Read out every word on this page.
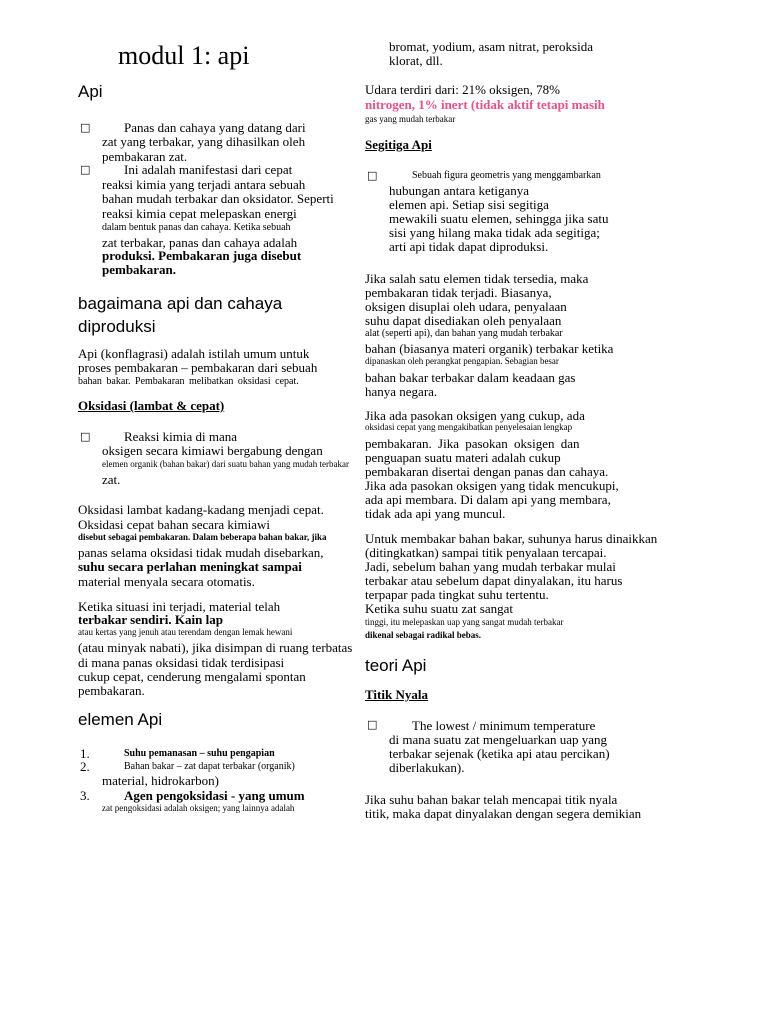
modul 1: api
Api
□	Panas dan cahaya yang datang dari
zat yang terbakar, yang dihasilkan oleh
pembakaran zat.
□	Ini adalah manifestasi dari cepat
reaksi kimia yang terjadi antara sebuah
bahan mudah terbakar dan oksidator. Seperti
reaksi kimia cepat melepaskan energi
dalam bentuk panas dan cahaya. Ketika sebuah
zat terbakar, panas dan cahaya adalah
produksi. Pembakaran juga disebut
pembakaran.
bagaimana api dan cahaya
diproduksi
Api (konflagrasi) adalah istilah umum untuk
proses pembakaran – pembakaran dari sebuah
bahan bakar. Pembakaran melibatkan oksidasi cepat.
Oksidasi (lambat & cepat)
□	Reaksi kimia di mana
oksigen secara kimiawi bergabung dengan
elemen organik (bahan bakar) dari suatu bahan yang mudah terbakar
zat.
Oksidasi lambat kadang-kadang menjadi cepat.
Oksidasi cepat bahan secara kimiawi
disebut sebagai pembakaran. Dalam beberapa bahan bakar, jika
panas selama oksidasi tidak mudah disebarkan,
suhu secara perlahan meningkat sampai
material menyala secara otomatis.
Ketika situasi ini terjadi, material telah
terbakar sendiri. Kain lap
atau kertas yang jenuh atau terendam dengan lemak hewani
(atau minyak nabati), jika disimpan di ruang terbatas
di mana panas oksidasi tidak terdisipasi
cukup cepat, cenderung mengalami spontan
pembakaran.
elemen Api
1.	Suhu pemanasan – suhu pengapian
2.	Bahan bakar – zat dapat terbakar (organik)
material, hidrokarbon)
3.	Agen pengoksidasi - yang umum
zat pengoksidasi adalah oksigen; yang lainnya adalah
bromat, yodium, asam nitrat, peroksida
klorat, dll.
Udara terdiri dari: 21% oksigen, 78%
nitrogen, 1% inert (tidak aktif tetapi masih
gas yang mudah terbakar
Segitiga Api
□	Sebuah figura geometris yang menggambarkan
hubungan antara ketiganya
elemen api. Setiap sisi segitiga
mewakili suatu elemen, sehingga jika satu
sisi yang hilang maka tidak ada segitiga;
arti api tidak dapat diproduksi.
Jika salah satu elemen tidak tersedia, maka
pembakaran tidak terjadi. Biasanya,
oksigen disuplai oleh udara, penyalaan
suhu dapat disediakan oleh penyalaan
alat (seperti api), dan bahan yang mudah terbakar
bahan (biasanya materi organik) terbakar ketika
dipanaskan oleh perangkat pengapian. Sebagian besar
bahan bakar terbakar dalam keadaan gas
hanya negara.
Jika ada pasokan oksigen yang cukup, ada
oksidasi cepat yang mengakibatkan penyelesaian lengkap
pembakaran. Jika pasokan oksigen dan
penguapan suatu materi adalah cukup
pembakaran disertai dengan panas dan cahaya.
Jika ada pasokan oksigen yang tidak mencukupi,
ada api membara. Di dalam api yang membara,
tidak ada api yang muncul.
Untuk membakar bahan bakar, suhunya harus dinaikkan
(ditingkatkan) sampai titik penyalaan tercapai.
Jadi, sebelum bahan yang mudah terbakar mulai
terbakar atau sebelum dapat dinyalakan, itu harus
terpapar pada tingkat suhu tertentu.
Ketika suhu suatu zat sangat
tinggi, itu melepaskan uap yang sangat mudah terbakar
dikenal sebagai radikal bebas.
teori Api
Titik Nyala
□	The lowest / minimum temperature
di mana suatu zat mengeluarkan uap yang
terbakar sejenak (ketika api atau percikan)
diberlakukan).
Jika suhu bahan bakar telah mencapai titik nyala
titik, maka dapat dinyalakan dengan segera demikian
